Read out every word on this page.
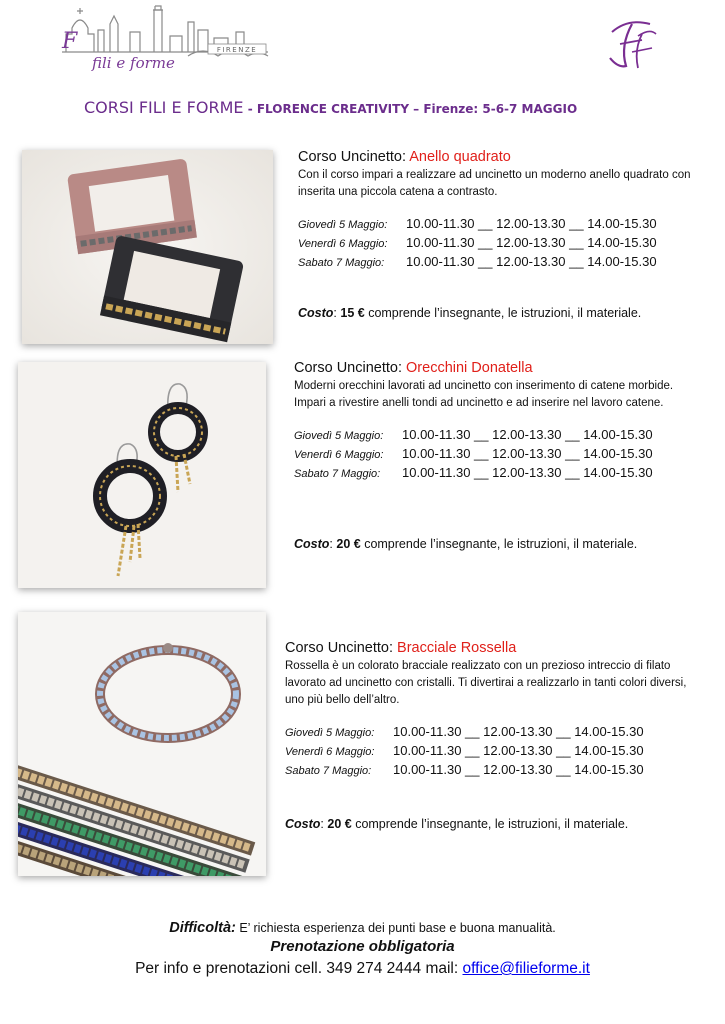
FIRENZE
F
fili e forme
CORSI FILI E FORME - FLORENCE CREATIVITY – Firenze: 5-6-7 MAGGIO
Corso Uncinetto: Anello quadrato
Con il corso impari a realizzare ad uncinetto un moderno anello quadrato con inserita una piccola catena a contrasto.
Giovedì 5 Maggio:	10.00-11.30 __ 12.00-13.30 __ 14.00-15.30
Venerdì 6 Maggio:	10.00-11.30 __ 12.00-13.30 __ 14.00-15.30
Sabato 7 Maggio:	10.00-11.30 __ 12.00-13.30 __ 14.00-15.30
Costo: 15 € comprende l’insegnante, le istruzioni, il materiale.
Corso Uncinetto: Orecchini Donatella
Moderni orecchini lavorati ad uncinetto con inserimento di catene morbide. Impari a rivestire anelli tondi ad uncinetto e ad inserire nel lavoro catene.
Giovedì 5 Maggio:	10.00-11.30 __ 12.00-13.30 __ 14.00-15.30
Venerdì 6 Maggio:	10.00-11.30 __ 12.00-13.30 __ 14.00-15.30
Sabato 7 Maggio:	10.00-11.30 __ 12.00-13.30 __ 14.00-15.30
Costo: 20 € comprende l’insegnante, le istruzioni, il materiale.
Corso Uncinetto: Bracciale Rossella
Rossella è un colorato bracciale realizzato con un prezioso intreccio di filato lavorato ad uncinetto con cristalli. Ti divertirai a realizzarlo in tanti colori diversi, uno più bello dell’altro.
Giovedì 5 Maggio:	10.00-11.30 __ 12.00-13.30 __ 14.00-15.30
Venerdì 6 Maggio:	10.00-11.30 __ 12.00-13.30 __ 14.00-15.30
Sabato 7 Maggio:	10.00-11.30 __ 12.00-13.30 __ 14.00-15.30
Costo: 20 € comprende l’insegnante, le istruzioni, il materiale.
Difficoltà: E’ richiesta esperienza dei punti base e buona manualità.
Prenotazione obbligatoria
Per info e prenotazioni cell. 349 274 2444 mail: office@filieforme.it
